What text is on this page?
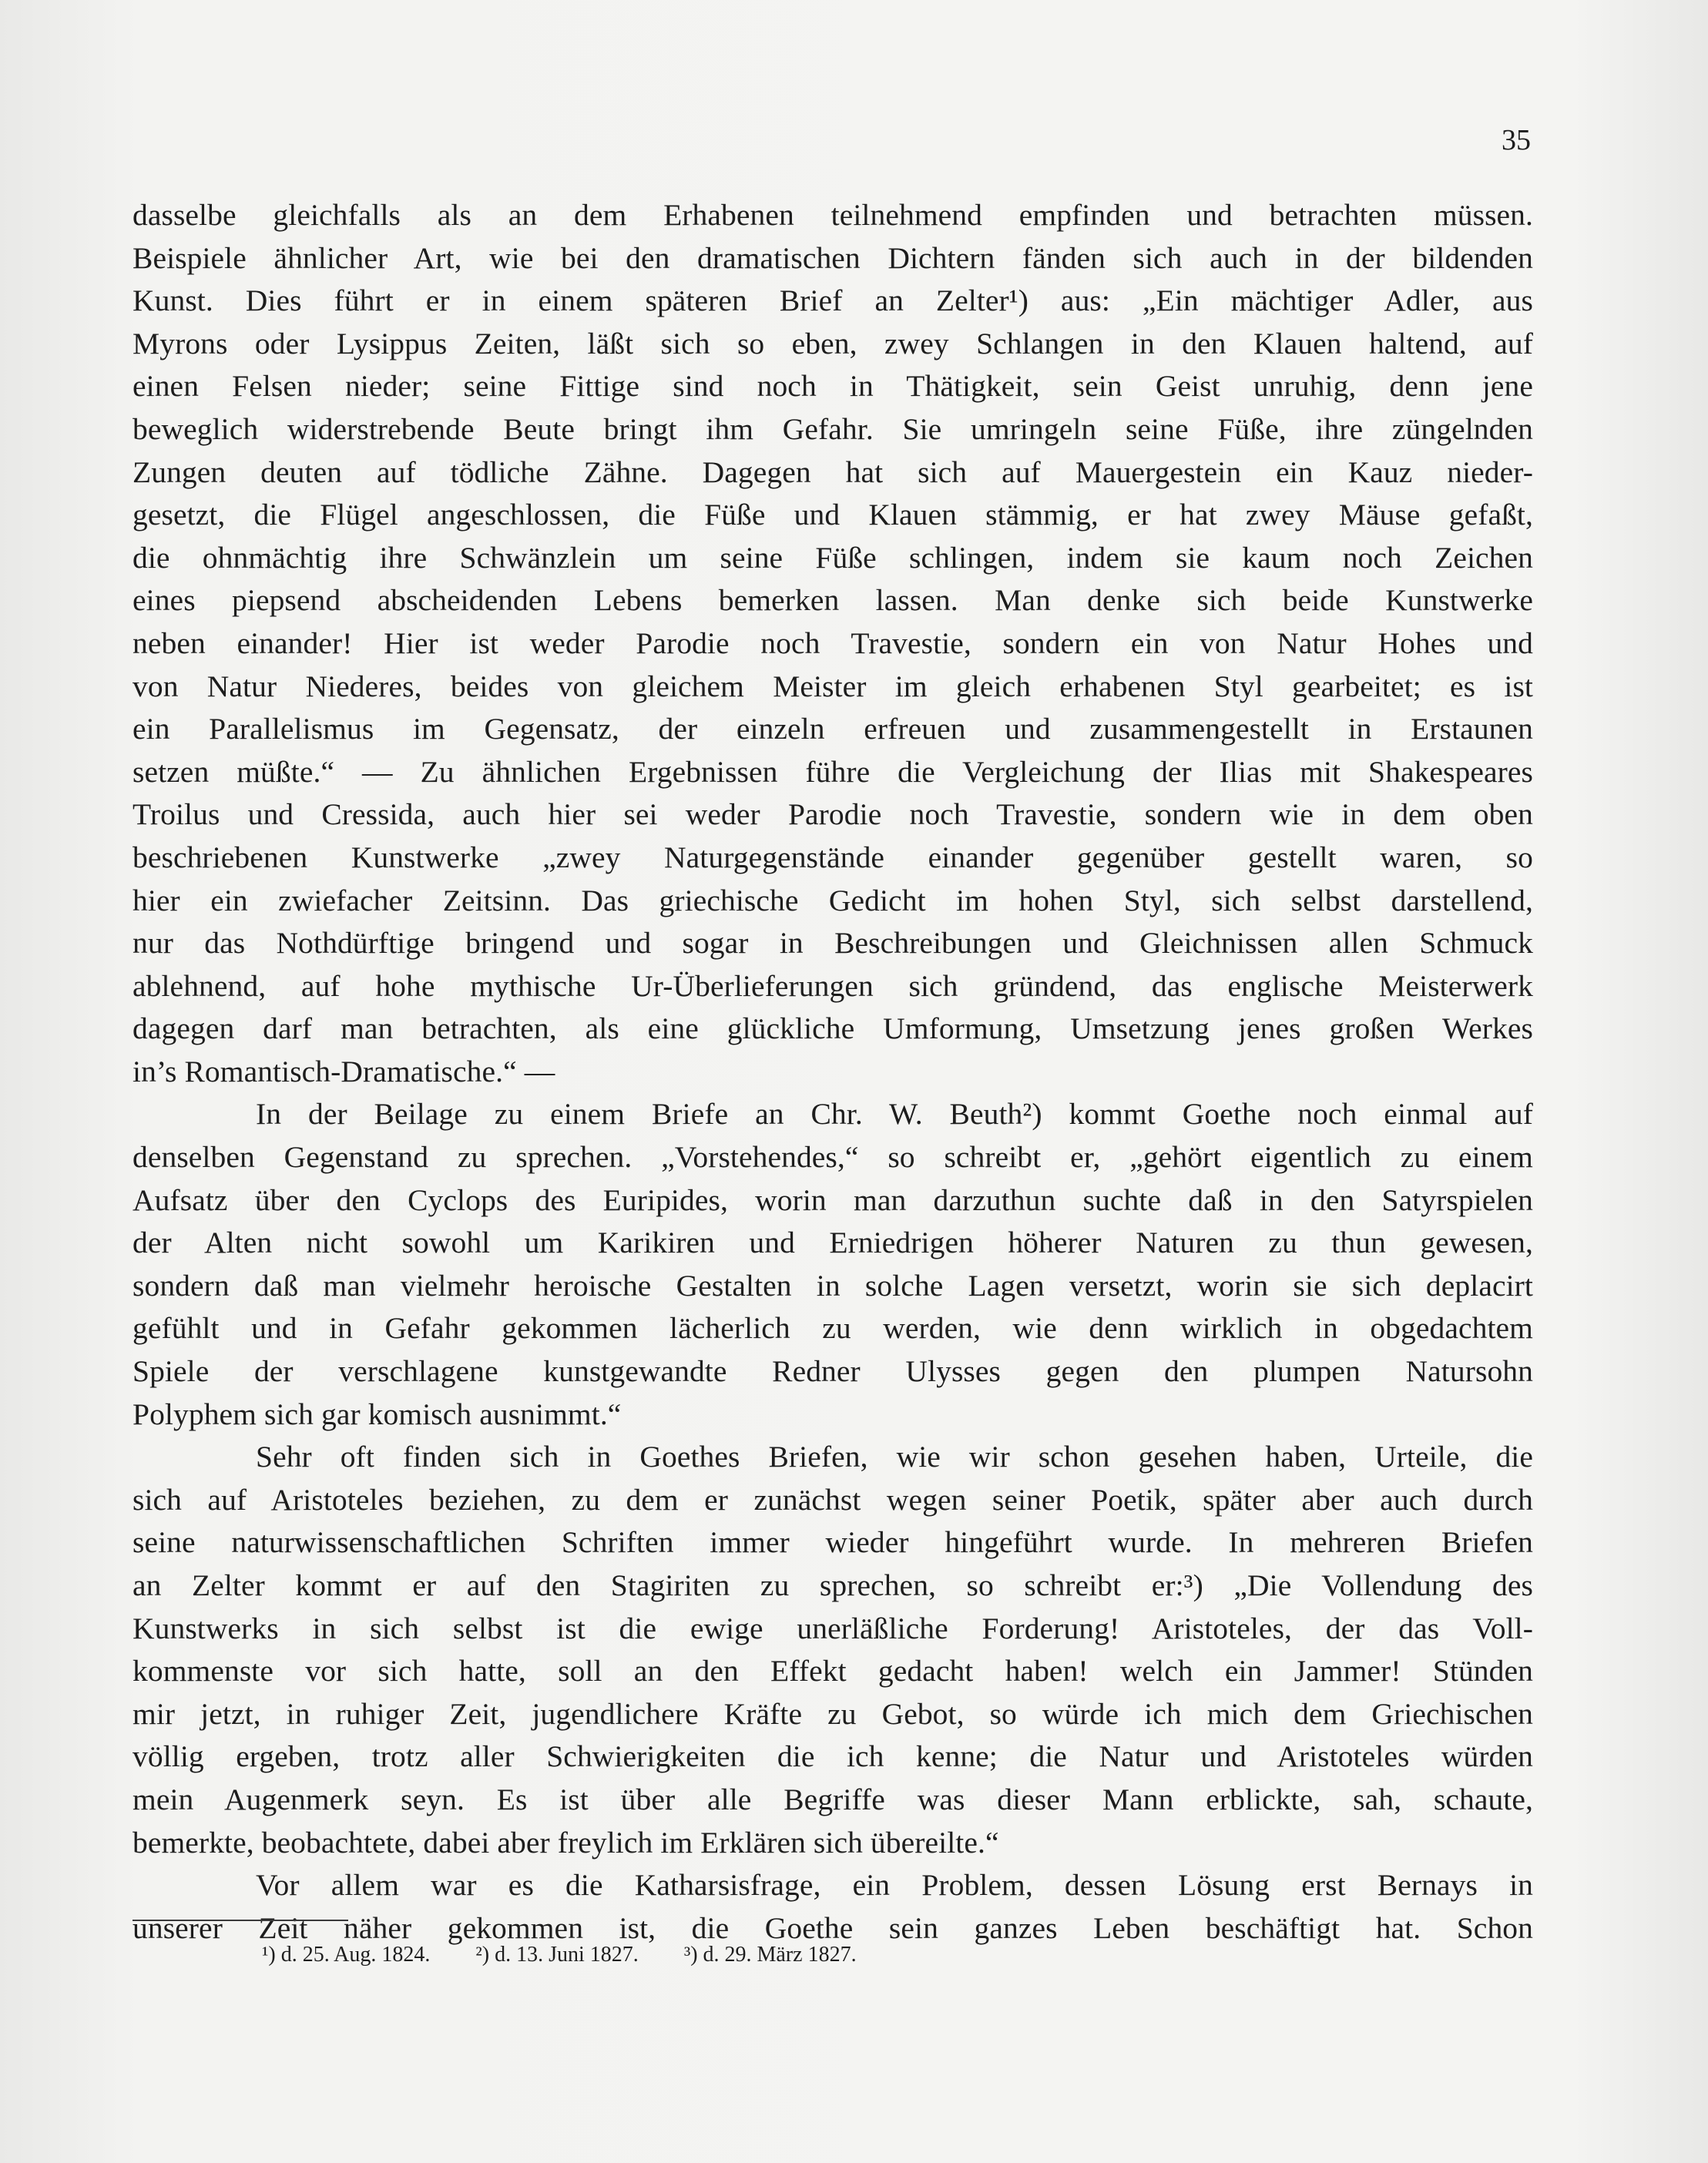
35
dasselbe gleichfalls als an dem Erhabenen teilnehmend empfinden und betrachten müssen.
Beispiele ähnlicher Art, wie bei den dramatischen Dichtern fänden sich auch in der bildenden
Kunst. Dies führt er in einem späteren Brief an Zelter¹) aus: „Ein mächtiger Adler, aus
Myrons oder Lysippus Zeiten, läßt sich so eben, zwey Schlangen in den Klauen haltend, auf
einen Felsen nieder; seine Fittige sind noch in Thätigkeit, sein Geist unruhig, denn jene
beweglich widerstrebende Beute bringt ihm Gefahr. Sie umringeln seine Füße, ihre züngelnden
Zungen deuten auf tödliche Zähne. Dagegen hat sich auf Mauergestein ein Kauz nieder-
gesetzt, die Flügel angeschlossen, die Füße und Klauen stämmig, er hat zwey Mäuse gefaßt,
die ohnmächtig ihre Schwänzlein um seine Füße schlingen, indem sie kaum noch Zeichen
eines piepsend abscheidenden Lebens bemerken lassen. Man denke sich beide Kunstwerke
neben einander! Hier ist weder Parodie noch Travestie, sondern ein von Natur Hohes und
von Natur Niederes, beides von gleichem Meister im gleich erhabenen Styl gearbeitet; es ist
ein Parallelismus im Gegensatz, der einzeln erfreuen und zusammengestellt in Erstaunen
setzen müßte.“ — Zu ähnlichen Ergebnissen führe die Vergleichung der Ilias mit Shakespeares
Troilus und Cressida, auch hier sei weder Parodie noch Travestie, sondern wie in dem oben
beschriebenen Kunstwerke „zwey Naturgegenstände einander gegenüber gestellt waren, so
hier ein zwiefacher Zeitsinn. Das griechische Gedicht im hohen Styl, sich selbst darstellend,
nur das Nothdürftige bringend und sogar in Beschreibungen und Gleichnissen allen Schmuck
ablehnend, auf hohe mythische Ur-Überlieferungen sich gründend, das englische Meisterwerk
dagegen darf man betrachten, als eine glückliche Umformung, Umsetzung jenes großen Werkes
in’s Romantisch-Dramatische.“ —
In der Beilage zu einem Briefe an Chr. W. Beuth²) kommt Goethe noch einmal auf
denselben Gegenstand zu sprechen. „Vorstehendes,“ so schreibt er, „gehört eigentlich zu einem
Aufsatz über den Cyclops des Euripides, worin man darzuthun suchte daß in den Satyrspielen
der Alten nicht sowohl um Karikiren und Erniedrigen höherer Naturen zu thun gewesen,
sondern daß man vielmehr heroische Gestalten in solche Lagen versetzt, worin sie sich deplacirt
gefühlt und in Gefahr gekommen lächerlich zu werden, wie denn wirklich in obgedachtem
Spiele der verschlagene kunstgewandte Redner Ulysses gegen den plumpen Natursohn
Polyphem sich gar komisch ausnimmt.“
Sehr oft finden sich in Goethes Briefen, wie wir schon gesehen haben, Urteile, die
sich auf Aristoteles beziehen, zu dem er zunächst wegen seiner Poetik, später aber auch durch
seine naturwissenschaftlichen Schriften immer wieder hingeführt wurde. In mehreren Briefen
an Zelter kommt er auf den Stagiriten zu sprechen, so schreibt er:³) „Die Vollendung des
Kunstwerks in sich selbst ist die ewige unerläßliche Forderung! Aristoteles, der das Voll-
kommenste vor sich hatte, soll an den Effekt gedacht haben! welch ein Jammer! Stünden
mir jetzt, in ruhiger Zeit, jugendlichere Kräfte zu Gebot, so würde ich mich dem Griechischen
völlig ergeben, trotz aller Schwierigkeiten die ich kenne; die Natur und Aristoteles würden
mein Augenmerk seyn. Es ist über alle Begriffe was dieser Mann erblickte, sah, schaute,
bemerkte, beobachtete, dabei aber freylich im Erklären sich übereilte.“
Vor allem war es die Katharsisfrage, ein Problem, dessen Lösung erst Bernays in
unserer Zeit näher gekommen ist, die Goethe sein ganzes Leben beschäftigt hat. Schon
¹) d. 25. Aug. 1824. ²) d. 13. Juni 1827. ³) d. 29. März 1827.
